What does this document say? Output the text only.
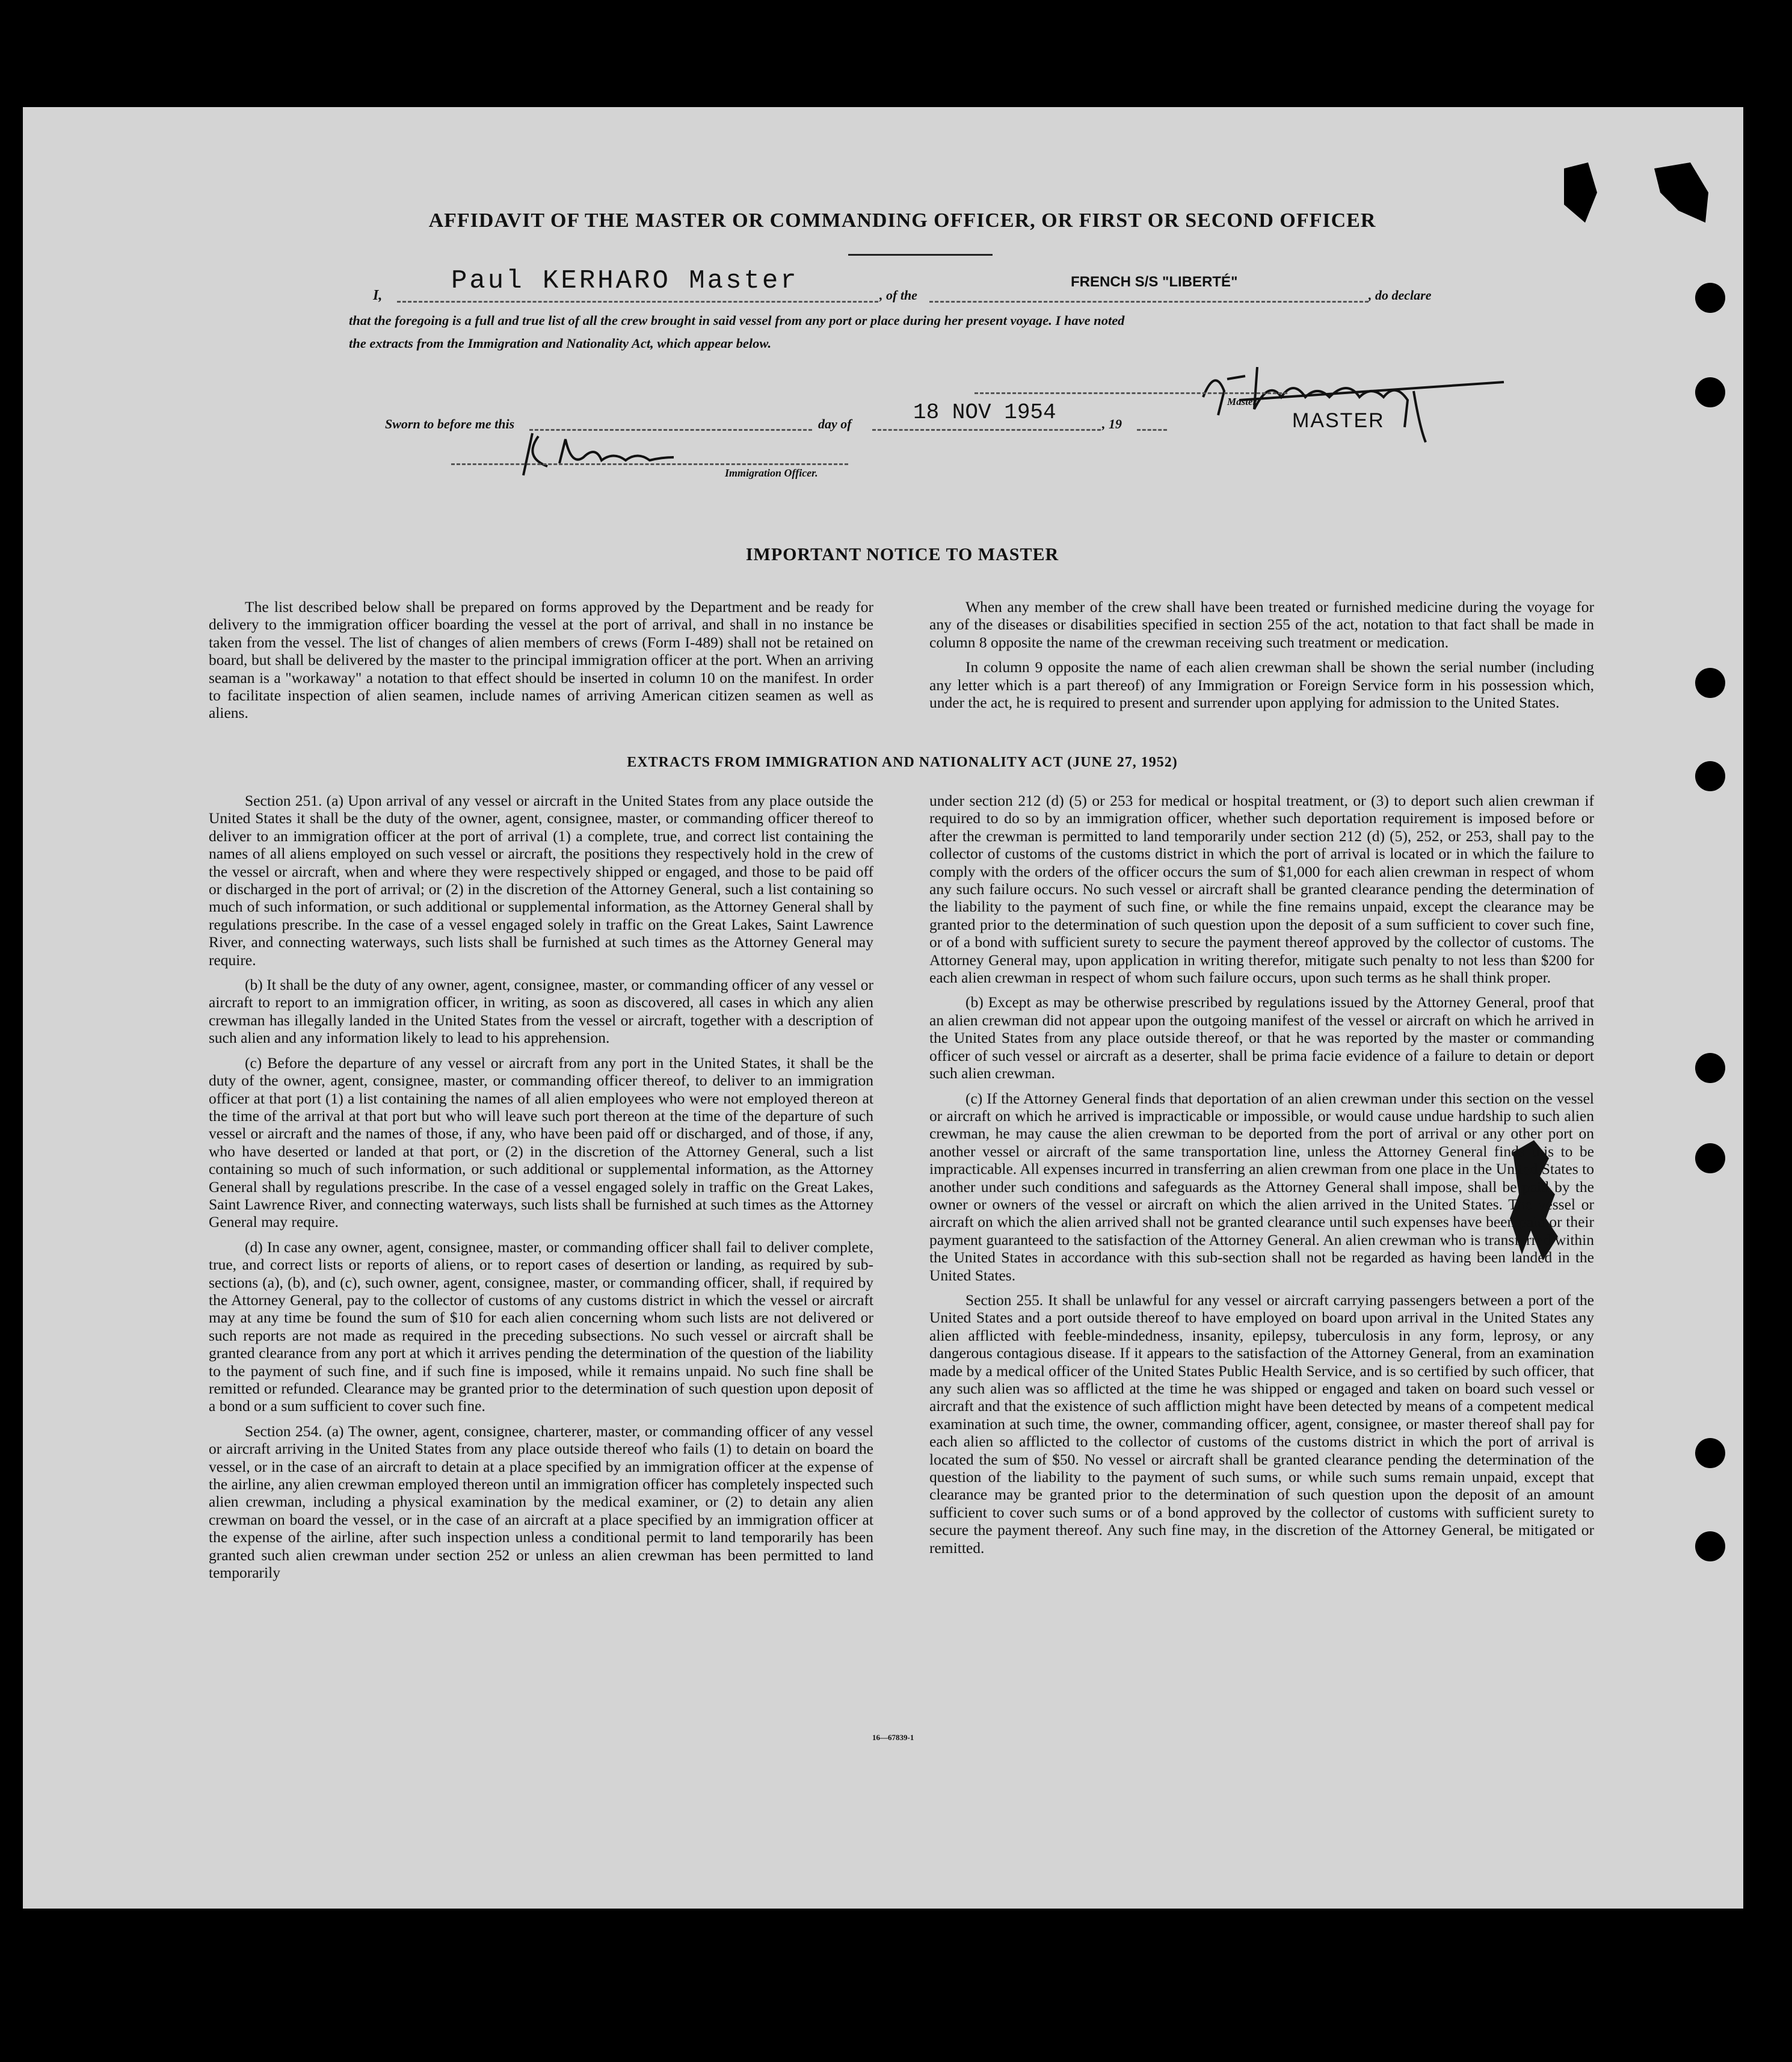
AFFIDAVIT OF THE MASTER OR COMMANDING OFFICER, OR FIRST OR SECOND OFFICER
I,	Paul KERHARO Master	, of the
FRENCH S/S "LIBERTÉ"
, do declare
that the foregoing is a full and true list of all the crew brought in said vessel from any port or place during her present voyage. I have noted
the extracts from the Immigration and Nationality Act, which appear below.
Master,
MASTER
Sworn to before me this	day of	18 NOV 1954	, 19
Immigration Officer.
IMPORTANT NOTICE TO MASTER

The list described below shall be prepared on forms approved by the Department and be ready for delivery to the immigration officer boarding the vessel at the port of arrival, and shall in no instance be taken from the vessel. The list of changes of alien members of crews (Form I-489) shall not be retained on board, but shall be delivered by the master to the principal immigration officer at the port. When an arriving seaman is a "workaway" a notation to that effect should be inserted in column 10 on the manifest. In order to facilitate inspection of alien seamen, include names of arriving American citizen seamen as well as aliens.

When any member of the crew shall have been treated or furnished medicine during the voyage for any of the diseases or disabilities specified in section 255 of the act, notation to that fact shall be made in column 8 opposite the name of the crewman receiving such treatment or medication.

In column 9 opposite the name of each alien crewman shall be shown the serial number (including any letter which is a part thereof) of any Immigration or Foreign Service form in his possession which, under the act, he is required to present and surrender upon applying for admission to the United States.

EXTRACTS FROM IMMIGRATION AND NATIONALITY ACT (JUNE 27, 1952)

Section 251. (a) Upon arrival of any vessel or aircraft in the United States from any place outside the United States it shall be the duty of the owner, agent, consignee, master, or commanding officer thereof to deliver to an immigration officer at the port of arrival (1) a complete, true, and correct list containing the names of all aliens employed on such vessel or aircraft, the positions they respectively hold in the crew of the vessel or aircraft, when and where they were respectively shipped or engaged, and those to be paid off or discharged in the port of arrival; or (2) in the discretion of the Attorney General, such a list containing so much of such information, or such additional or supplemental information, as the Attorney General shall by regulations prescribe. In the case of a vessel engaged solely in traffic on the Great Lakes, Saint Lawrence River, and connecting waterways, such lists shall be furnished at such times as the Attorney General may require.

(b) It shall be the duty of any owner, agent, consignee, master, or commanding officer of any vessel or aircraft to report to an immigration officer, in writing, as soon as discovered, all cases in which any alien crewman has illegally landed in the United States from the vessel or aircraft, together with a description of such alien and any information likely to lead to his apprehension.

(c) Before the departure of any vessel or aircraft from any port in the United States, it shall be the duty of the owner, agent, consignee, master, or commanding officer thereof, to deliver to an immigration officer at that port (1) a list containing the names of all alien employees who were not employed thereon at the time of the arrival at that port but who will leave such port thereon at the time of the departure of such vessel or aircraft and the names of those, if any, who have been paid off or discharged, and of those, if any, who have deserted or landed at that port, or (2) in the discretion of the Attorney General, such a list containing so much of such information, or such additional or supplemental information, as the Attorney General shall by regulations prescribe. In the case of a vessel engaged solely in traffic on the Great Lakes, Saint Lawrence River, and connecting waterways, such lists shall be furnished at such times as the Attorney General may require.

(d) In case any owner, agent, consignee, master, or commanding officer shall fail to deliver complete, true, and correct lists or reports of aliens, or to report cases of desertion or landing, as required by sub-sections (a), (b), and (c), such owner, agent, consignee, master, or commanding officer, shall, if required by the Attorney General, pay to the collector of customs of any customs district in which the vessel or aircraft may at any time be found the sum of $10 for each alien concerning whom such lists are not delivered or such reports are not made as required in the preceding subsections. No such vessel or aircraft shall be granted clearance from any port at which it arrives pending the determination of the question of the liability to the payment of such fine, and if such fine is imposed, while it remains unpaid. No such fine shall be remitted or refunded. Clearance may be granted prior to the determination of such question upon deposit of a bond or a sum sufficient to cover such fine.

Section 254. (a) The owner, agent, consignee, charterer, master, or commanding officer of any vessel or aircraft arriving in the United States from any place outside thereof who fails (1) to detain on board the vessel, or in the case of an aircraft to detain at a place specified by an immigration officer at the expense of the airline, any alien crewman employed thereon until an immigration officer has completely inspected such alien crewman, including a physical examination by the medical examiner, or (2) to detain any alien crewman on board the vessel, or in the case of an aircraft at a place specified by an immigration officer at the expense of the airline, after such inspection unless a conditional permit to land temporarily has been granted such alien crewman under section 252 or unless an alien crewman has been permitted to land temporarily

under section 212 (d) (5) or 253 for medical or hospital treatment, or (3) to deport such alien crewman if required to do so by an immigration officer, whether such deportation requirement is imposed before or after the crewman is permitted to land temporarily under section 212 (d) (5), 252, or 253, shall pay to the collector of customs of the customs district in which the port of arrival is located or in which the failure to comply with the orders of the officer occurs the sum of $1,000 for each alien crewman in respect of whom any such failure occurs. No such vessel or aircraft shall be granted clearance pending the determination of the liability to the payment of such fine, or while the fine remains unpaid, except the clearance may be granted prior to the determination of such question upon the deposit of a sum sufficient to cover such fine, or of a bond with sufficient surety to secure the payment thereof approved by the collector of customs. The Attorney General may, upon application in writing therefor, mitigate such penalty to not less than $200 for each alien crewman in respect of whom such failure occurs, upon such terms as he shall think proper.

(b) Except as may be otherwise prescribed by regulations issued by the Attorney General, proof that an alien crewman did not appear upon the outgoing manifest of the vessel or aircraft on which he arrived in the United States from any place outside thereof, or that he was reported by the master or commanding officer of such vessel or aircraft as a deserter, shall be prima facie evidence of a failure to detain or deport such alien crewman.

(c) If the Attorney General finds that deportation of an alien crewman under this section on the vessel or aircraft on which he arrived is impracticable or impossible, or would cause undue hardship to such alien crewman, he may cause the alien crewman to be deported from the port of arrival or any other port on another vessel or aircraft of the same transportation line, unless the Attorney General finds this to be impracticable. All expenses incurred in transferring an alien crewman from one place in the United States to another under such conditions and safeguards as the Attorney General shall impose, shall be paid by the owner or owners of the vessel or aircraft on which the alien arrived in the United States. The vessel or aircraft on which the alien arrived shall not be granted clearance until such expenses have been paid or their payment guaranteed to the satisfaction of the Attorney General. An alien crewman who is transferred within the United States in accordance with this sub-section shall not be regarded as having been landed in the United States.

Section 255. It shall be unlawful for any vessel or aircraft carrying passengers between a port of the United States and a port outside thereof to have employed on board upon arrival in the United States any alien afflicted with feeble-mindedness, insanity, epilepsy, tuberculosis in any form, leprosy, or any dangerous contagious disease. If it appears to the satisfaction of the Attorney General, from an examination made by a medical officer of the United States Public Health Service, and is so certified by such officer, that any such alien was so afflicted at the time he was shipped or engaged and taken on board such vessel or aircraft and that the existence of such affliction might have been detected by means of a competent medical examination at such time, the owner, commanding officer, agent, consignee, or master thereof shall pay for each alien so afflicted to the collector of customs of the customs district in which the port of arrival is located the sum of $50. No vessel or aircraft shall be granted clearance pending the determination of the question of the liability to the payment of such sums, or while such sums remain unpaid, except that clearance may be granted prior to the determination of such question upon the deposit of an amount sufficient to cover such sums or of a bond approved by the collector of customs with sufficient surety to secure the payment thereof. Any such fine may, in the discretion of the Attorney General, be mitigated or remitted.

16—67839-1
